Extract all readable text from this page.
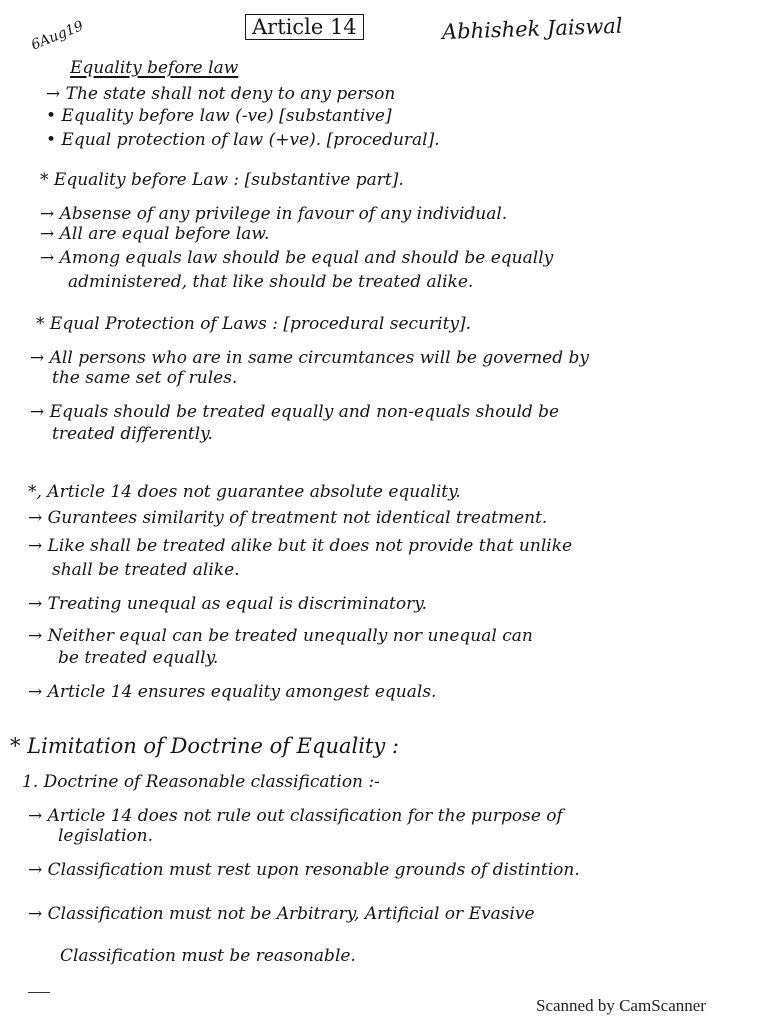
6Aug19	Article 14	Abhishek Jaiswal
Equality before law
→ The state shall not deny to any person
• Equality before law (-ve) [substantive]
• Equal protection of law (+ve). [procedural].
* Equality before Law : [substantive part].
→ Absense of any privilege in favour of any individual.
→ All are equal before law.
→ Among equals law should be equal and should be equally
administered, that like should be treated alike.
* Equal Protection of Laws : [procedural security].
→ All persons who are in same circumtances will be governed by
the same set of rules.
→ Equals should be treated equally and non-equals should be
treated differently.
*, Article 14 does not guarantee absolute equality.
→ Gurantees similarity of treatment not identical treatment.
→ Like shall be treated alike but it does not provide that unlike
shall be treated alike.
→ Treating unequal as equal is discriminatory.
→ Neither equal can be treated unequally nor unequal can
be treated equally.
→ Article 14 ensures equality amongest equals.
* Limitation of Doctrine of Equality :
1. Doctrine of Reasonable classification :-
→ Article 14 does not rule out classification for the purpose of
legislation.
→ Classification must rest upon resonable grounds of distintion.
→ Classification must not be Arbitrary, Artificial or Evasive
Classification must be reasonable.
Scanned by CamScanner
